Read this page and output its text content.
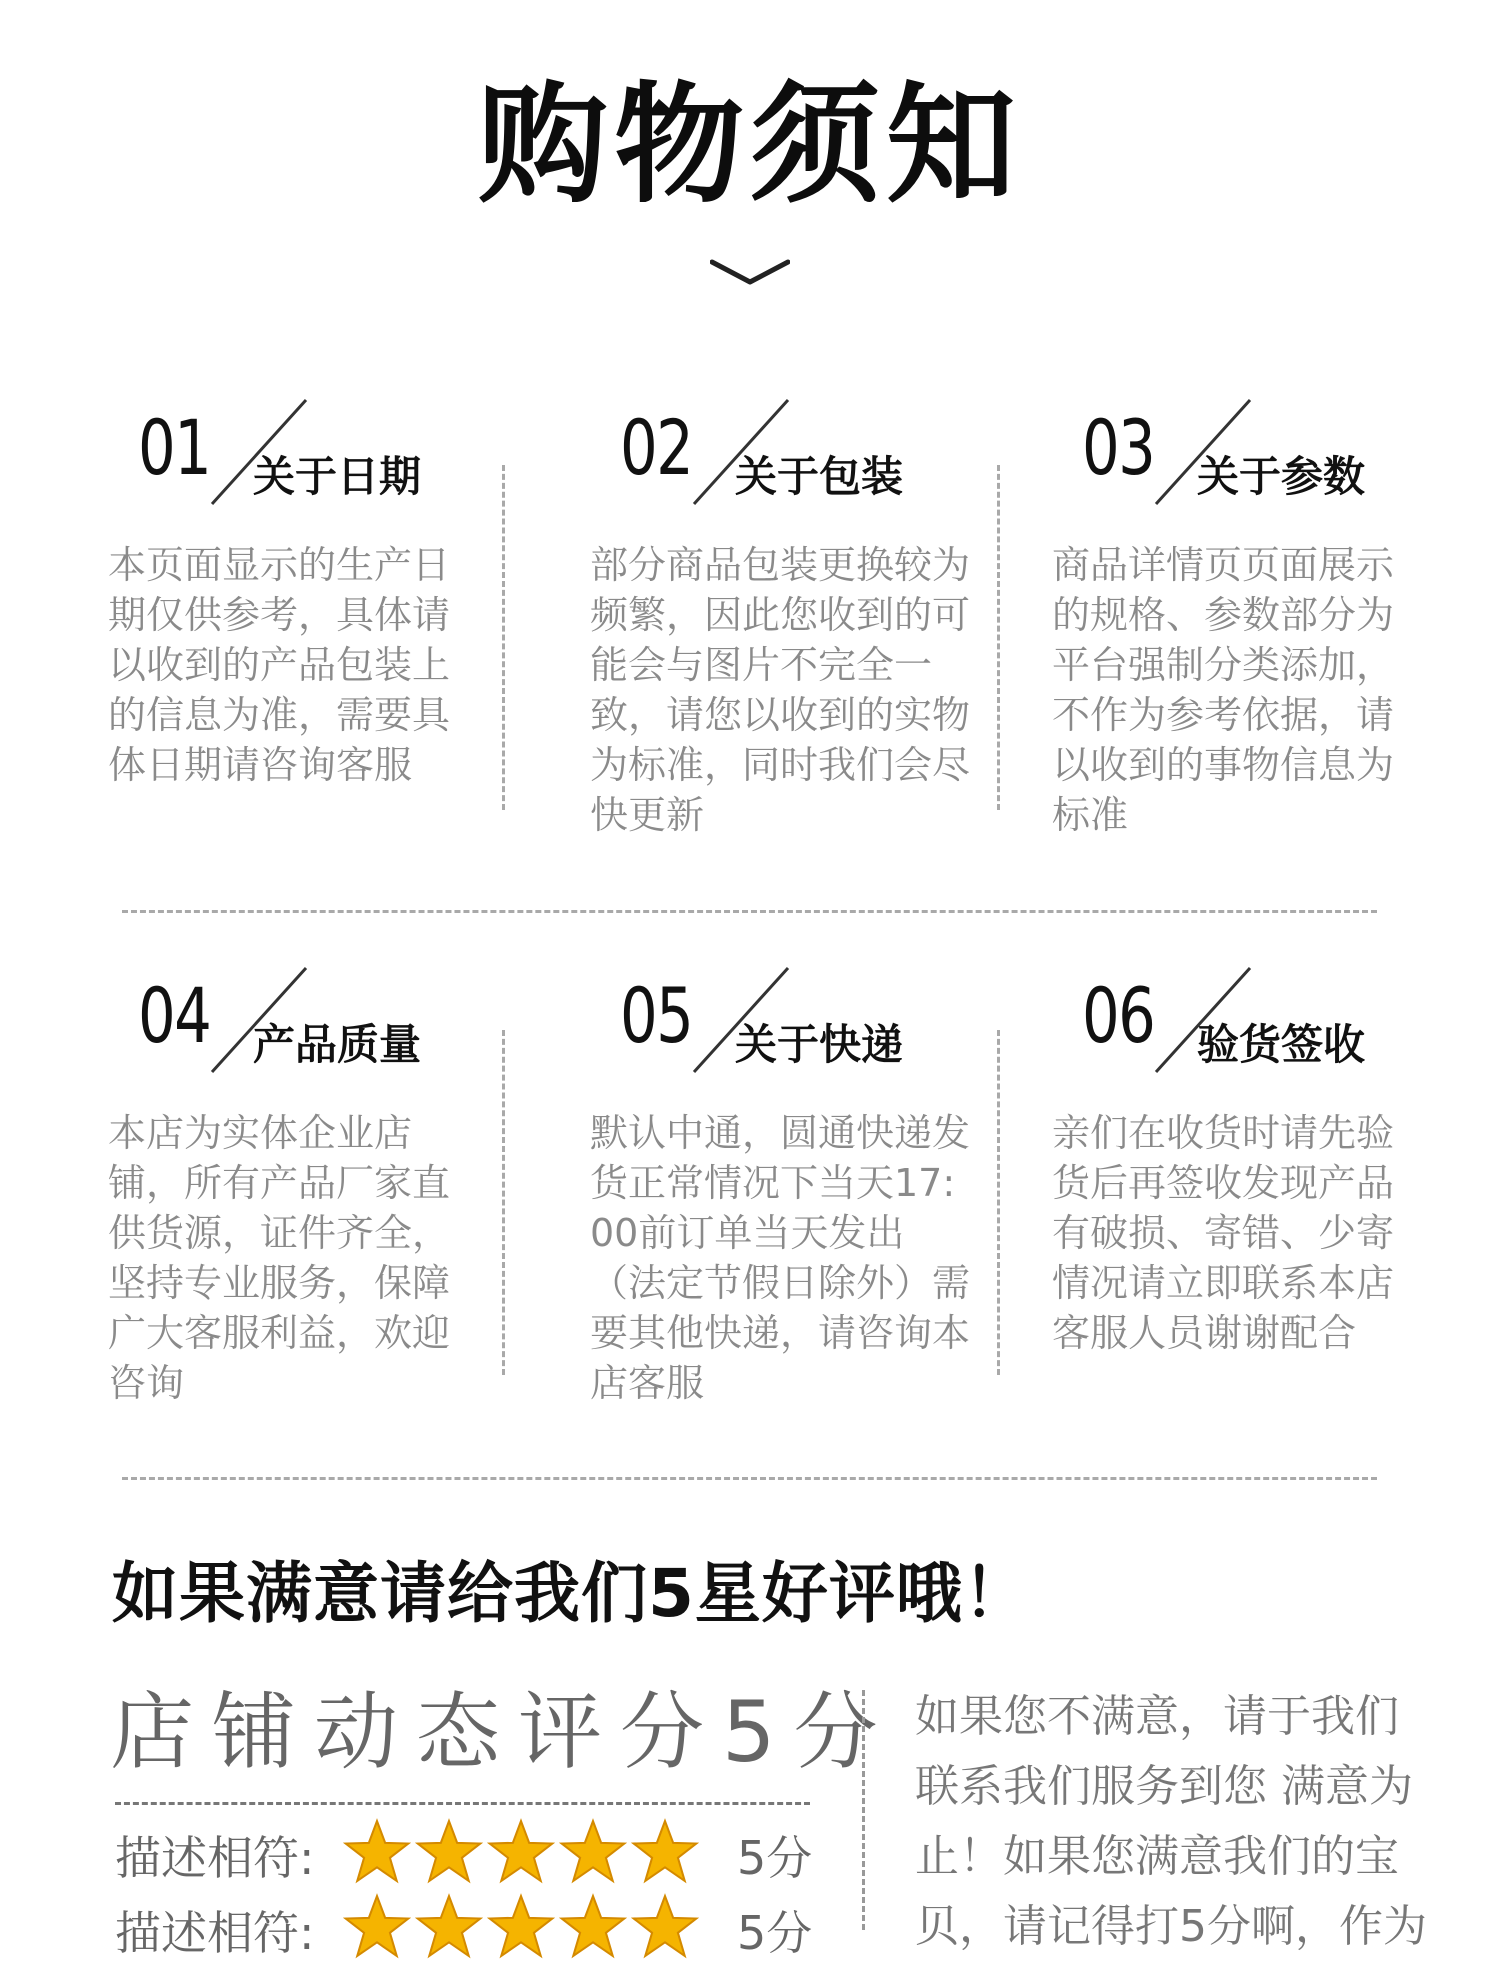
购物须知
01 关于日期
本页面显示的生产日期仅供参考，具体请以收到的产品包装上的信息为准，需要具体日期请咨询客服
02 关于包装
部分商品包装更换较为频繁，因此您收到的可能会与图片不完全一致，请您以收到的实物为标准，同时我们会尽快更新
03 关于参数
商品详情页页面展示的规格、参数部分为平台强制分类添加，不作为参考依据，请以收到的事物信息为标准
04 产品质量
本店为实体企业店铺，所有产品厂家直供货源，证件齐全，坚持专业服务，保障广大客服利益，欢迎咨询
05 关于快递
默认中通，圆通快递发货正常情况下当天17:00前订单当天发出（法定节假日除外）需要其他快递，请咨询本店客服
06 验货签收
亲们在收货时请先验货后再签收发现产品有破损、寄错、少寄情况请立即联系本店客服人员谢谢配合
如果满意请给我们5星好评哦！
店铺动态评分5分
描述相符:	5分
描述相符:	5分
如果您不满意，请于我们联系我们服务到您 满意为止！如果您满意我们的宝贝，请记得打5分啊，作为
